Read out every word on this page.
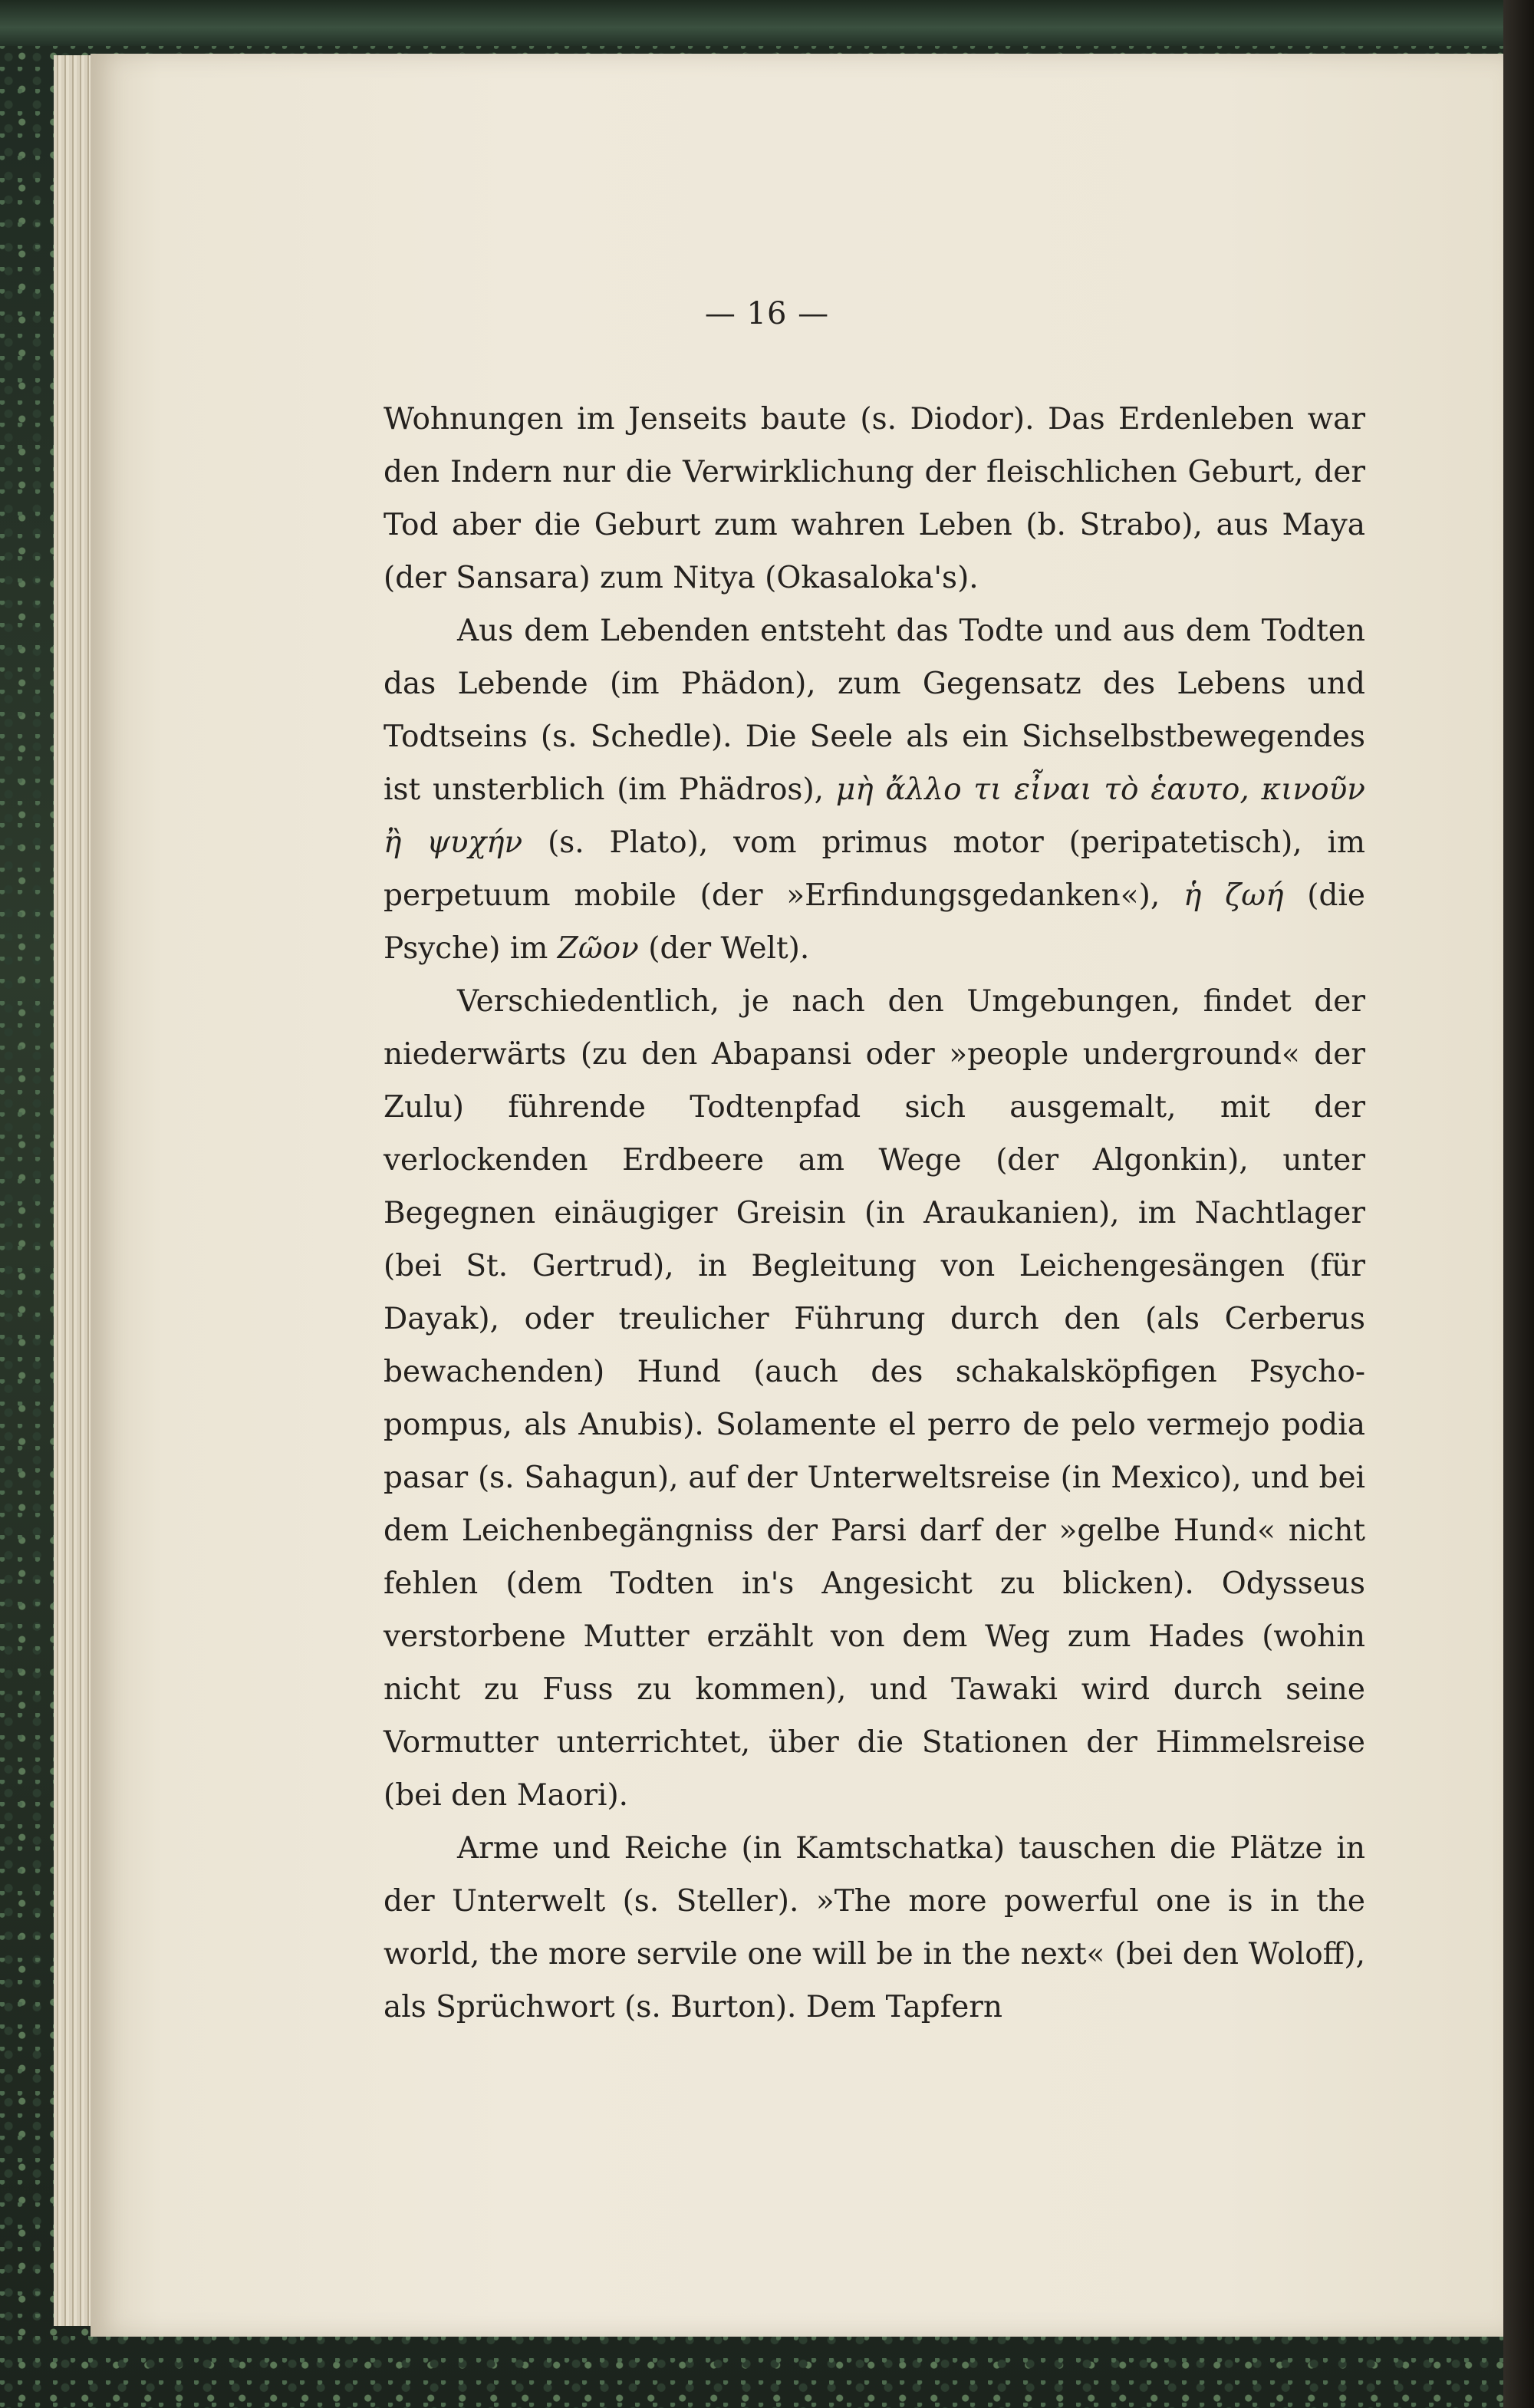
— 16 —

Wohnungen im Jenseits baute (s. Diodor). Das Erdenleben war den Indern nur die Verwirklichung der fleischlichen Geburt, der Tod aber die Geburt zum wahren Leben (b. Strabo), aus Maya (der Sansara) zum Nitya (Okasaloka's).

Aus dem Lebenden entsteht das Todte und aus dem Todten das Lebende (im Phädon), zum Gegensatz des Lebens und Todtseins (s. Schedle). Die Seele als ein Sichselbstbewegendes ist unsterblich (im Phädros), μὴ ἄλλο τι εἶναι τὸ ἑαυτο, κινοῦν ἢ ψυχήν (s. Plato), vom primus motor (peripatetisch), im perpetuum mobile (der »Erfindungsgedanken«), ἡ ζωή (die Psyche) im Ζῶον (der Welt).

Verschiedentlich, je nach den Umgebungen, findet der niederwärts (zu den Abapansi oder »people underground« der Zulu) führende Todtenpfad sich ausgemalt, mit der verlockenden Erdbeere am Wege (der Algonkin), unter Begegnen einäugiger Greisin (in Araukanien), im Nachtlager (bei St. Gertrud), in Begleitung von Leichengesängen (für Dayak), oder treulicher Führung durch den (als Cerberus bewachenden) Hund (auch des schakalsköpfigen Psychopompus, als Anubis). Solamente el perro de pelo vermejo podia pasar (s. Sahagun), auf der Unterweltsreise (in Mexico), und bei dem Leichenbegängniss der Parsi darf der »gelbe Hund« nicht fehlen (dem Todten in's Angesicht zu blicken). Odysseus verstorbene Mutter erzählt von dem Weg zum Hades (wohin nicht zu Fuss zu kommen), und Tawaki wird durch seine Vormutter unterrichtet, über die Stationen der Himmelsreise (bei den Maori).

Arme und Reiche (in Kamtschatka) tauschen die Plätze in der Unterwelt (s. Steller). »The more powerful one is in the world, the more servile one will be in the next« (bei den Woloff), als Sprüchwort (s. Burton). Dem Tapfern
